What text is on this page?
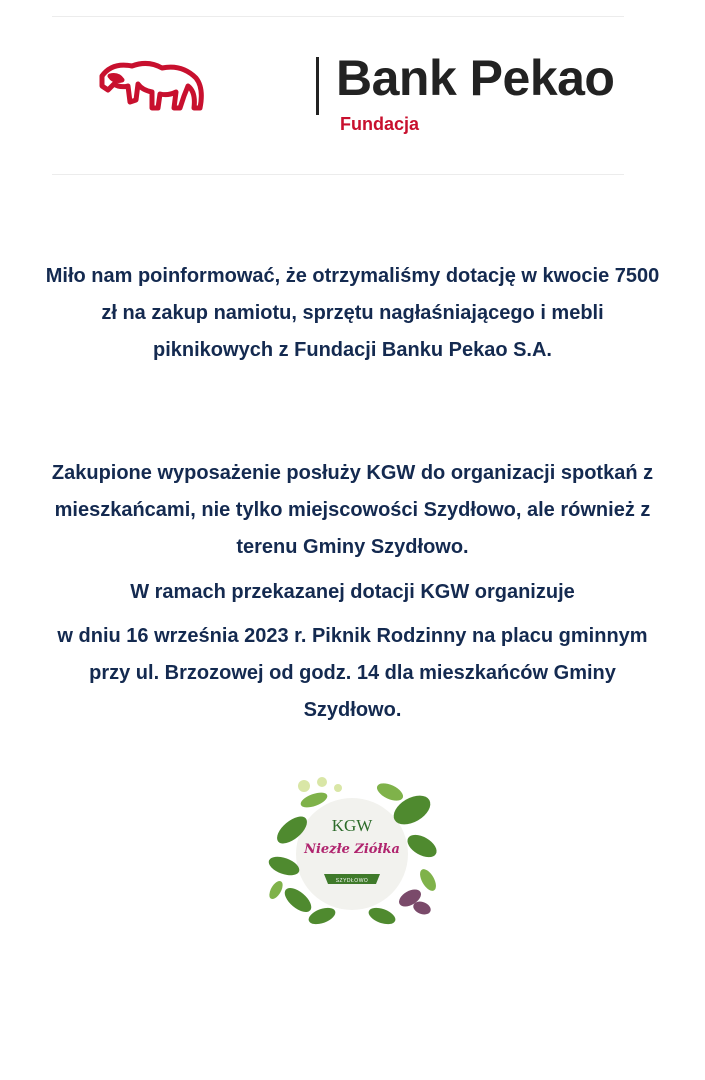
Bank Pekao
Fundacja
Miło nam poinformować, że otrzymaliśmy dotację w kwocie 7500 zł na zakup namiotu, sprzętu nagłaśniającego i mebli piknikowych z Fundacji Banku Pekao S.A.
Zakupione wyposażenie posłuży KGW do organizacji spotkań z mieszkańcami, nie tylko miejscowości Szydłowo, ale również z terenu Gminy Szydłowo.
W ramach przekazanej dotacji KGW organizuje
w dniu 16 września 2023 r. Piknik Rodzinny na placu gminnym przy ul. Brzozowej od godz. 14 dla mieszkańców Gminy Szydłowo.
KGW
Niezłe Ziółka
SZYDŁOWO
